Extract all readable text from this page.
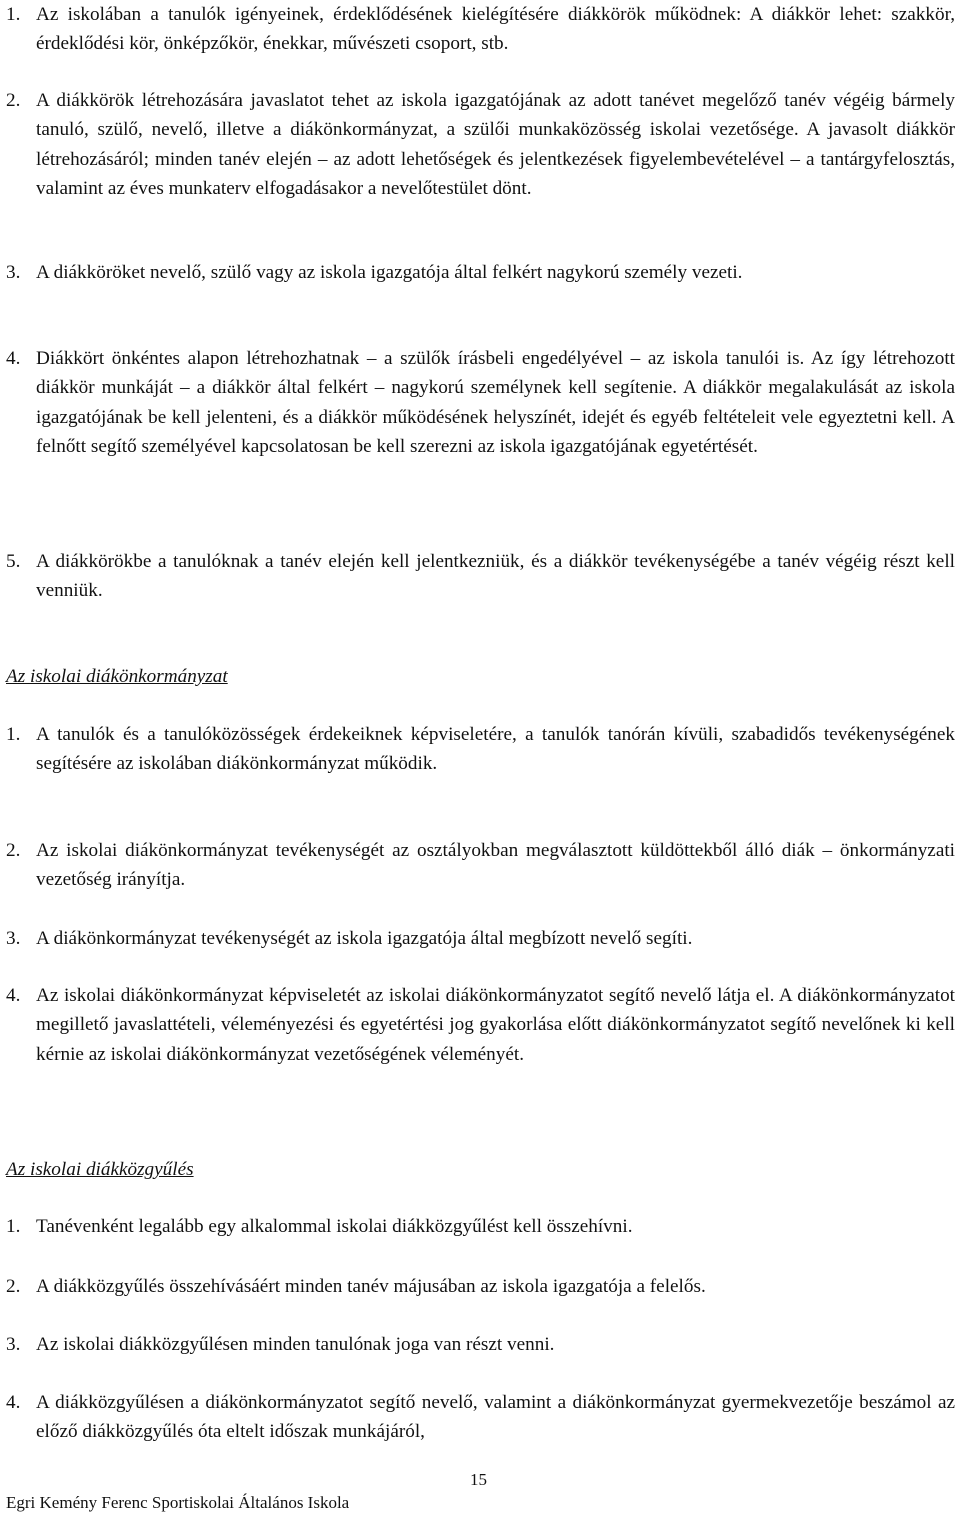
1. Az iskolában a tanulók igényeinek, érdeklődésének kielégítésére diákkörök működnek: A diákkör lehet: szakkör, érdeklődési kör, önképzőkör, énekkar, művészeti csoport, stb.
2. A diákkörök létrehozására javaslatot tehet az iskola igazgatójának az adott tanévet megelőző tanév végéig bármely tanuló, szülő, nevelő, illetve a diákönkormányzat, a szülői munkaközösség iskolai vezetősége. A javasolt diákkör létrehozásáról; minden tanév elején – az adott lehetőségek és jelentkezések figyelembevételével – a tantárgyfelosztás, valamint az éves munkaterv elfogadásakor a nevelőtestület dönt.
3. A diákköröket nevelő, szülő vagy az iskola igazgatója által felkért nagykorú személy vezeti.
4. Diákkört önkéntes alapon létrehozhatnak – a szülők írásbeli engedélyével – az iskola tanulói is. Az így létrehozott diákkör munkáját – a diákkör által felkért – nagykorú személynek kell segítenie. A diákkör megalakulását az iskola igazgatójának be kell jelenteni, és a diákkör működésének helyszínét, idejét és egyéb feltételeit vele egyeztetni kell. A felnőtt segítő személyével kapcsolatosan be kell szerezni az iskola igazgatójának egyetértését.
5. A diákkörökbe a tanulóknak a tanév elején kell jelentkezniük, és a diákkör tevékenységébe a tanév végéig részt kell venniük.
Az iskolai diákönkormányzat
1. A tanulók és a tanulóközösségek érdekeiknek képviseletére, a tanulók tanórán kívüli, szabadidős tevékenységének segítésére az iskolában diákönkormányzat működik.
2. Az iskolai diákönkormányzat tevékenységét az osztályokban megválasztott küldöttekből álló diák – önkormányzati vezetőség irányítja.
3. A diákönkormányzat tevékenységét az iskola igazgatója által megbízott nevelő segíti.
4. Az iskolai diákönkormányzat képviseletét az iskolai diákönkormányzatot segítő nevelő látja el. A diákönkormányzatot megillető javaslattételi, véleményezési és egyetértési jog gyakorlása előtt diákönkormányzatot segítő nevelőnek ki kell kérnie az iskolai diákönkormányzat vezetőségének véleményét.
Az iskolai diákközgyűlés
1. Tanévenként legalább egy alkalommal iskolai diákközgyűlést kell összehívni.
2. A diákközgyűlés összehívásáért minden tanév májusában az iskola igazgatója a felelős.
3. Az iskolai diákközgyűlésen minden tanulónak joga van részt venni.
4. A diákközgyűlésen a diákönkormányzatot segítő nevelő, valamint a diákönkormányzat gyermekvezetője beszámol az előző diákközgyűlés óta eltelt időszak munkájáról,
15
Egri Kemény Ferenc Sportiskolai Általános Iskola
